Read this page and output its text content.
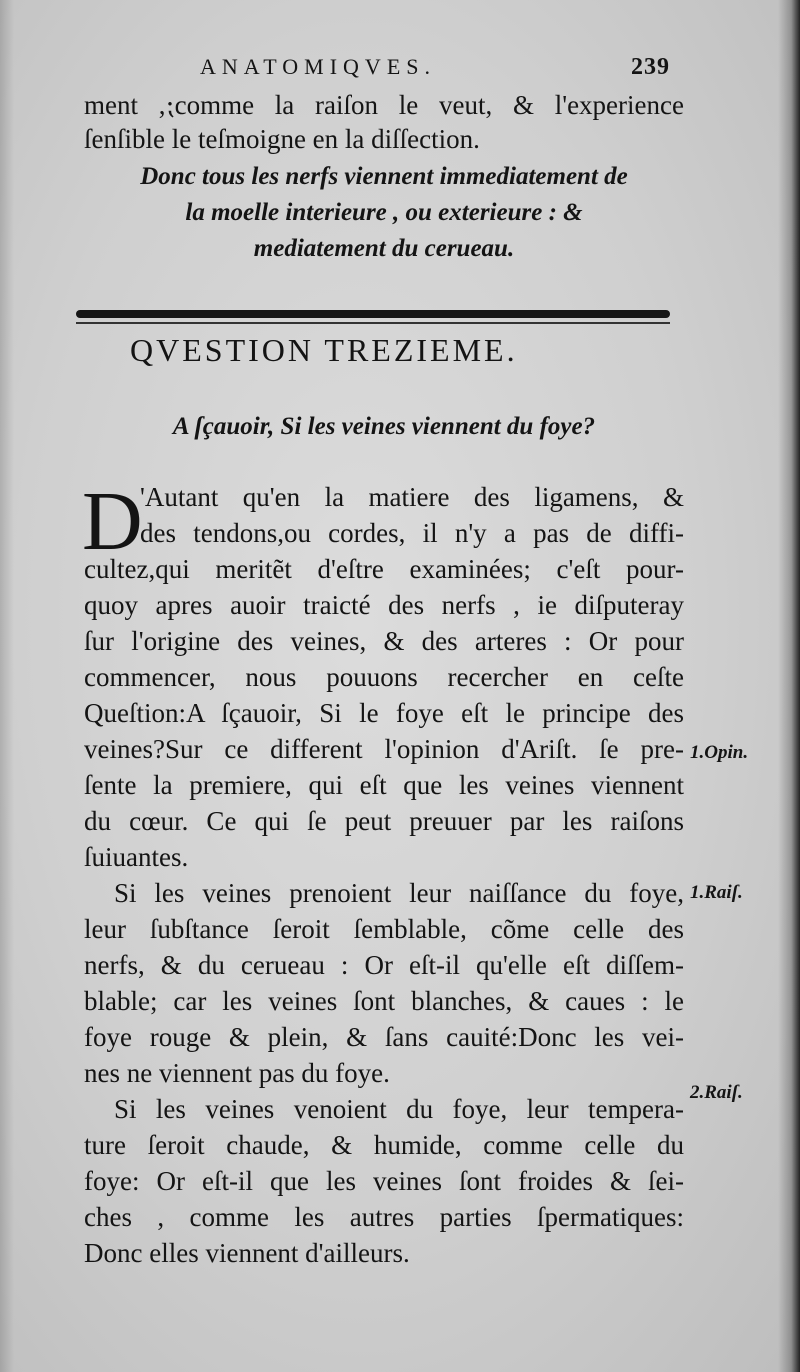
ANATOMIQVES.	239
ment ,⁏comme la raiſon le veut, & l'experience
ſenſible le teſmoigne en la diſſection.
Donc tous les nerfs viennent immediatement de
la moelle interieure , ou exterieure : &
mediatement du cerueau.
QVESTION TREZIEME.
A ſçauoir, Si les veines viennent du foye?
D
'Autant qu'en la matiere des ligamens, &
des tendons,ou cordes, il n'y a pas de diffi-
cultez,qui meritẽt d'eſtre examinées; c'eſt pour-
quoy apres auoir traicté des nerfs , ie diſputeray
ſur l'origine des veines, & des arteres : Or pour
commencer, nous pouuons recercher en ceſte
Queſtion:A ſçauoir, Si le foye eſt le principe des
veines?Sur ce different l'opinion d'Ariſt. ſe pre-
ſente la premiere, qui eſt que les veines viennent
du cœur. Ce qui ſe peut preuuer par les raiſons
ſuiuantes.
Si les veines prenoient leur naiſſance du foye,
leur ſubſtance ſeroit ſemblable, cõme celle des
nerfs, & du cerueau : Or eſt-il qu'elle eſt diſſem-
blable; car les veines ſont blanches, & caues : le
foye rouge & plein, & ſans cauité:Donc les vei-
nes ne viennent pas du foye.
Si les veines venoient du foye, leur tempera-
ture ſeroit chaude, & humide, comme celle du
foye: Or eſt-il que les veines ſont froides & ſei-
ches , comme les autres parties ſpermatiques:
Donc elles viennent d'ailleurs.
1.Opin.
1.Raiſ.
2.Raiſ.
